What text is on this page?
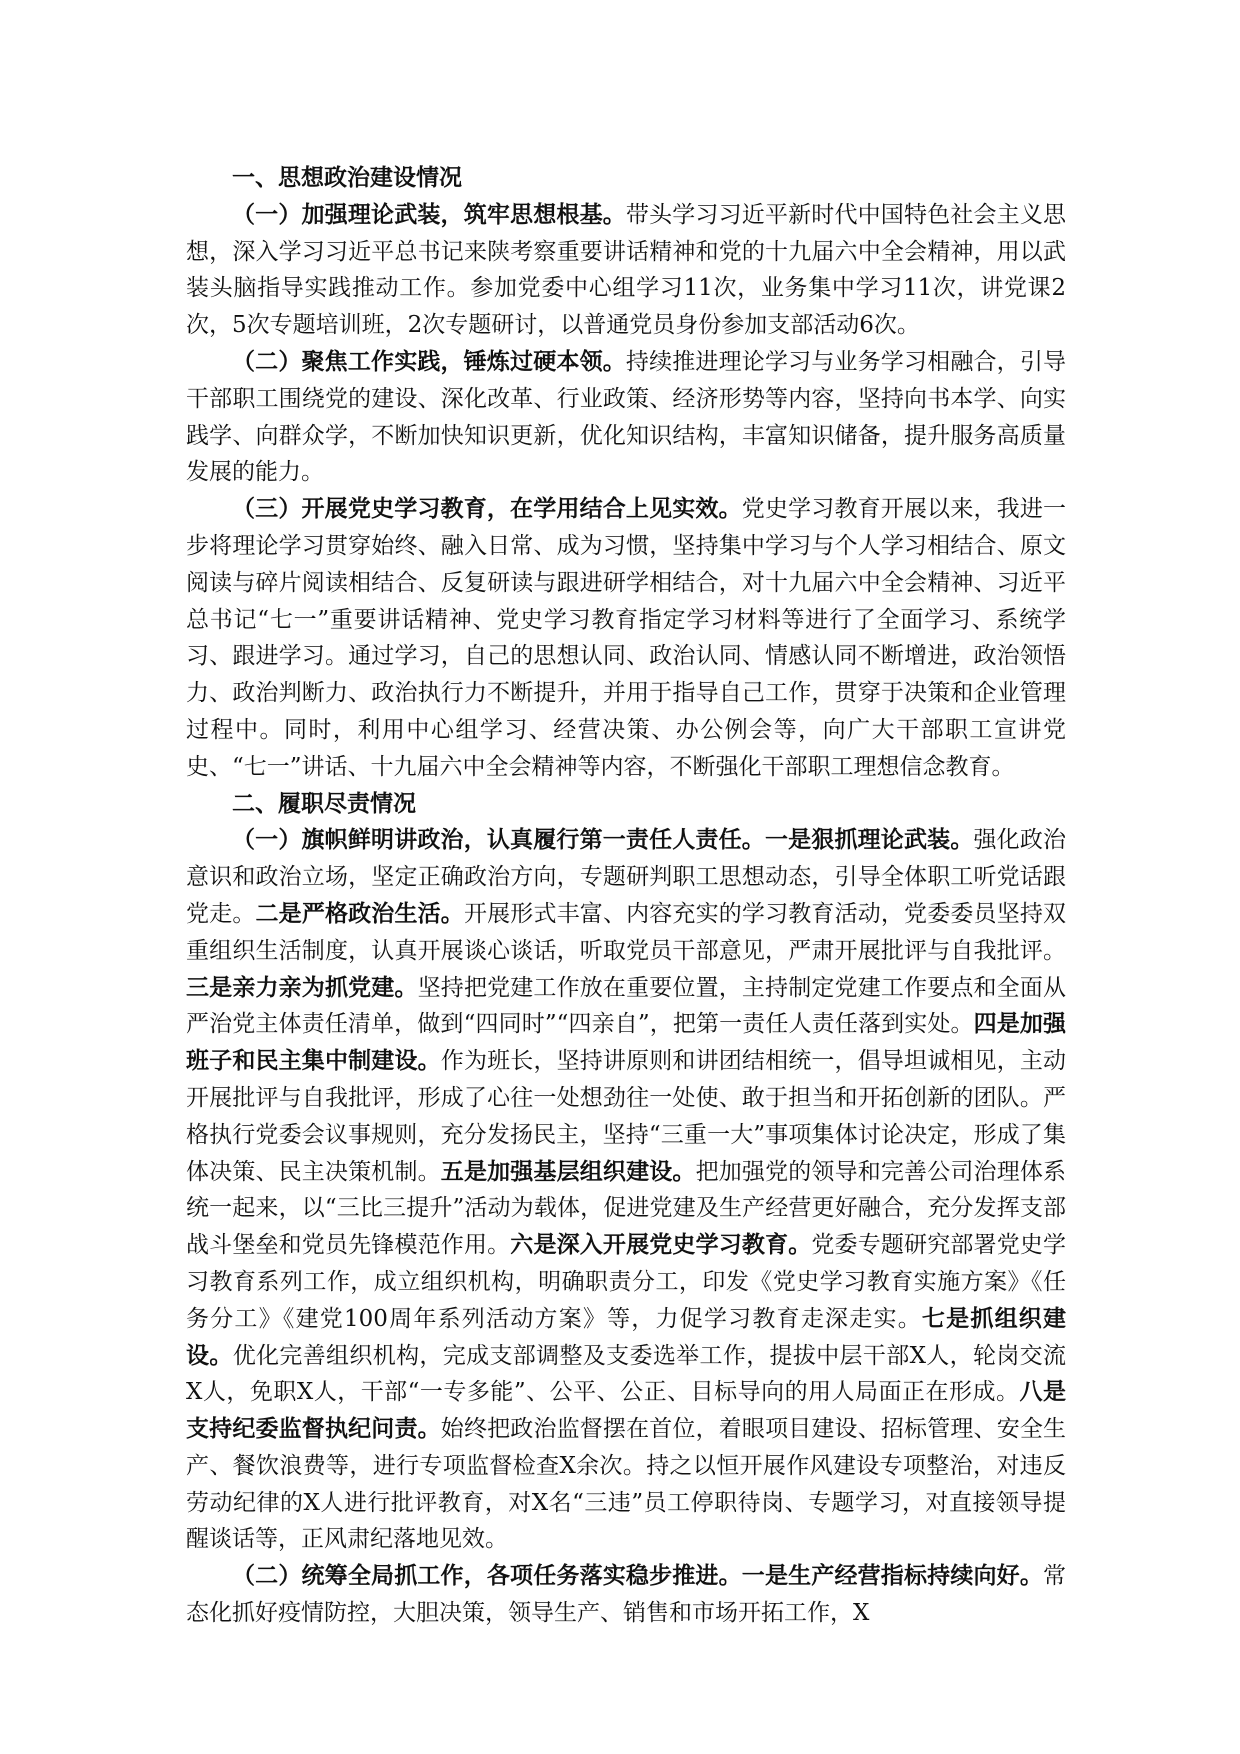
一、思想政治建设情况

（一）加强理论武装，筑牢思想根基。带头学习习近平新时代中国特色社会主义思想，深入学习习近平总书记来陕考察重要讲话精神和党的十九届六中全会精神，用以武装头脑指导实践推动工作。参加党委中心组学习11次，业务集中学习11次，讲党课2次，5次专题培训班，2次专题研讨，以普通党员身份参加支部活动6次。

（二）聚焦工作实践，锤炼过硬本领。持续推进理论学习与业务学习相融合，引导干部职工围绕党的建设、深化改革、行业政策、经济形势等内容，坚持向书本学、向实践学、向群众学，不断加快知识更新，优化知识结构，丰富知识储备，提升服务高质量发展的能力。

（三）开展党史学习教育，在学用结合上见实效。党史学习教育开展以来，我进一步将理论学习贯穿始终、融入日常、成为习惯，坚持集中学习与个人学习相结合、原文阅读与碎片阅读相结合、反复研读与跟进研学相结合，对十九届六中全会精神、习近平总书记“七一”重要讲话精神、党史学习教育指定学习材料等进行了全面学习、系统学习、跟进学习。通过学习，自己的思想认同、政治认同、情感认同不断增进，政治领悟力、政治判断力、政治执行力不断提升，并用于指导自己工作，贯穿于决策和企业管理过程中。同时，利用中心组学习、经营决策、办公例会等，向广大干部职工宣讲党史、“七一”讲话、十九届六中全会精神等内容，不断强化干部职工理想信念教育。

二、履职尽责情况

（一）旗帜鲜明讲政治，认真履行第一责任人责任。一是狠抓理论武装。强化政治意识和政治立场，坚定正确政治方向，专题研判职工思想动态，引导全体职工听党话跟党走。二是严格政治生活。开展形式丰富、内容充实的学习教育活动，党委委员坚持双重组织生活制度，认真开展谈心谈话，听取党员干部意见，严肃开展批评与自我批评。三是亲力亲为抓党建。坚持把党建工作放在重要位置，主持制定党建工作要点和全面从严治党主体责任清单，做到“四同时”“四亲自”，把第一责任人责任落到实处。四是加强班子和民主集中制建设。作为班长，坚持讲原则和讲团结相统一，倡导坦诚相见，主动开展批评与自我批评，形成了心往一处想劲往一处使、敢于担当和开拓创新的团队。严格执行党委会议事规则，充分发扬民主，坚持“三重一大”事项集体讨论决定，形成了集体决策、民主决策机制。五是加强基层组织建设。把加强党的领导和完善公司治理体系统一起来，以“三比三提升”活动为载体，促进党建及生产经营更好融合，充分发挥支部战斗堡垒和党员先锋模范作用。六是深入开展党史学习教育。党委专题研究部署党史学习教育系列工作，成立组织机构，明确职责分工，印发《党史学习教育实施方案》《任务分工》《建党100周年系列活动方案》等，力促学习教育走深走实。七是抓组织建设。优化完善组织机构，完成支部调整及支委选举工作，提拔中层干部X人，轮岗交流X人，免职X人，干部“一专多能”、公平、公正、目标导向的用人局面正在形成。八是支持纪委监督执纪问责。始终把政治监督摆在首位，着眼项目建设、招标管理、安全生产、餐饮浪费等，进行专项监督检查X余次。持之以恒开展作风建设专项整治，对违反劳动纪律的X人进行批评教育，对X名“三违”员工停职待岗、专题学习，对直接领导提醒谈话等，正风肃纪落地见效。

（二）统筹全局抓工作，各项任务落实稳步推进。一是生产经营指标持续向好。常态化抓好疫情防控，大胆决策，领导生产、销售和市场开拓工作，X
